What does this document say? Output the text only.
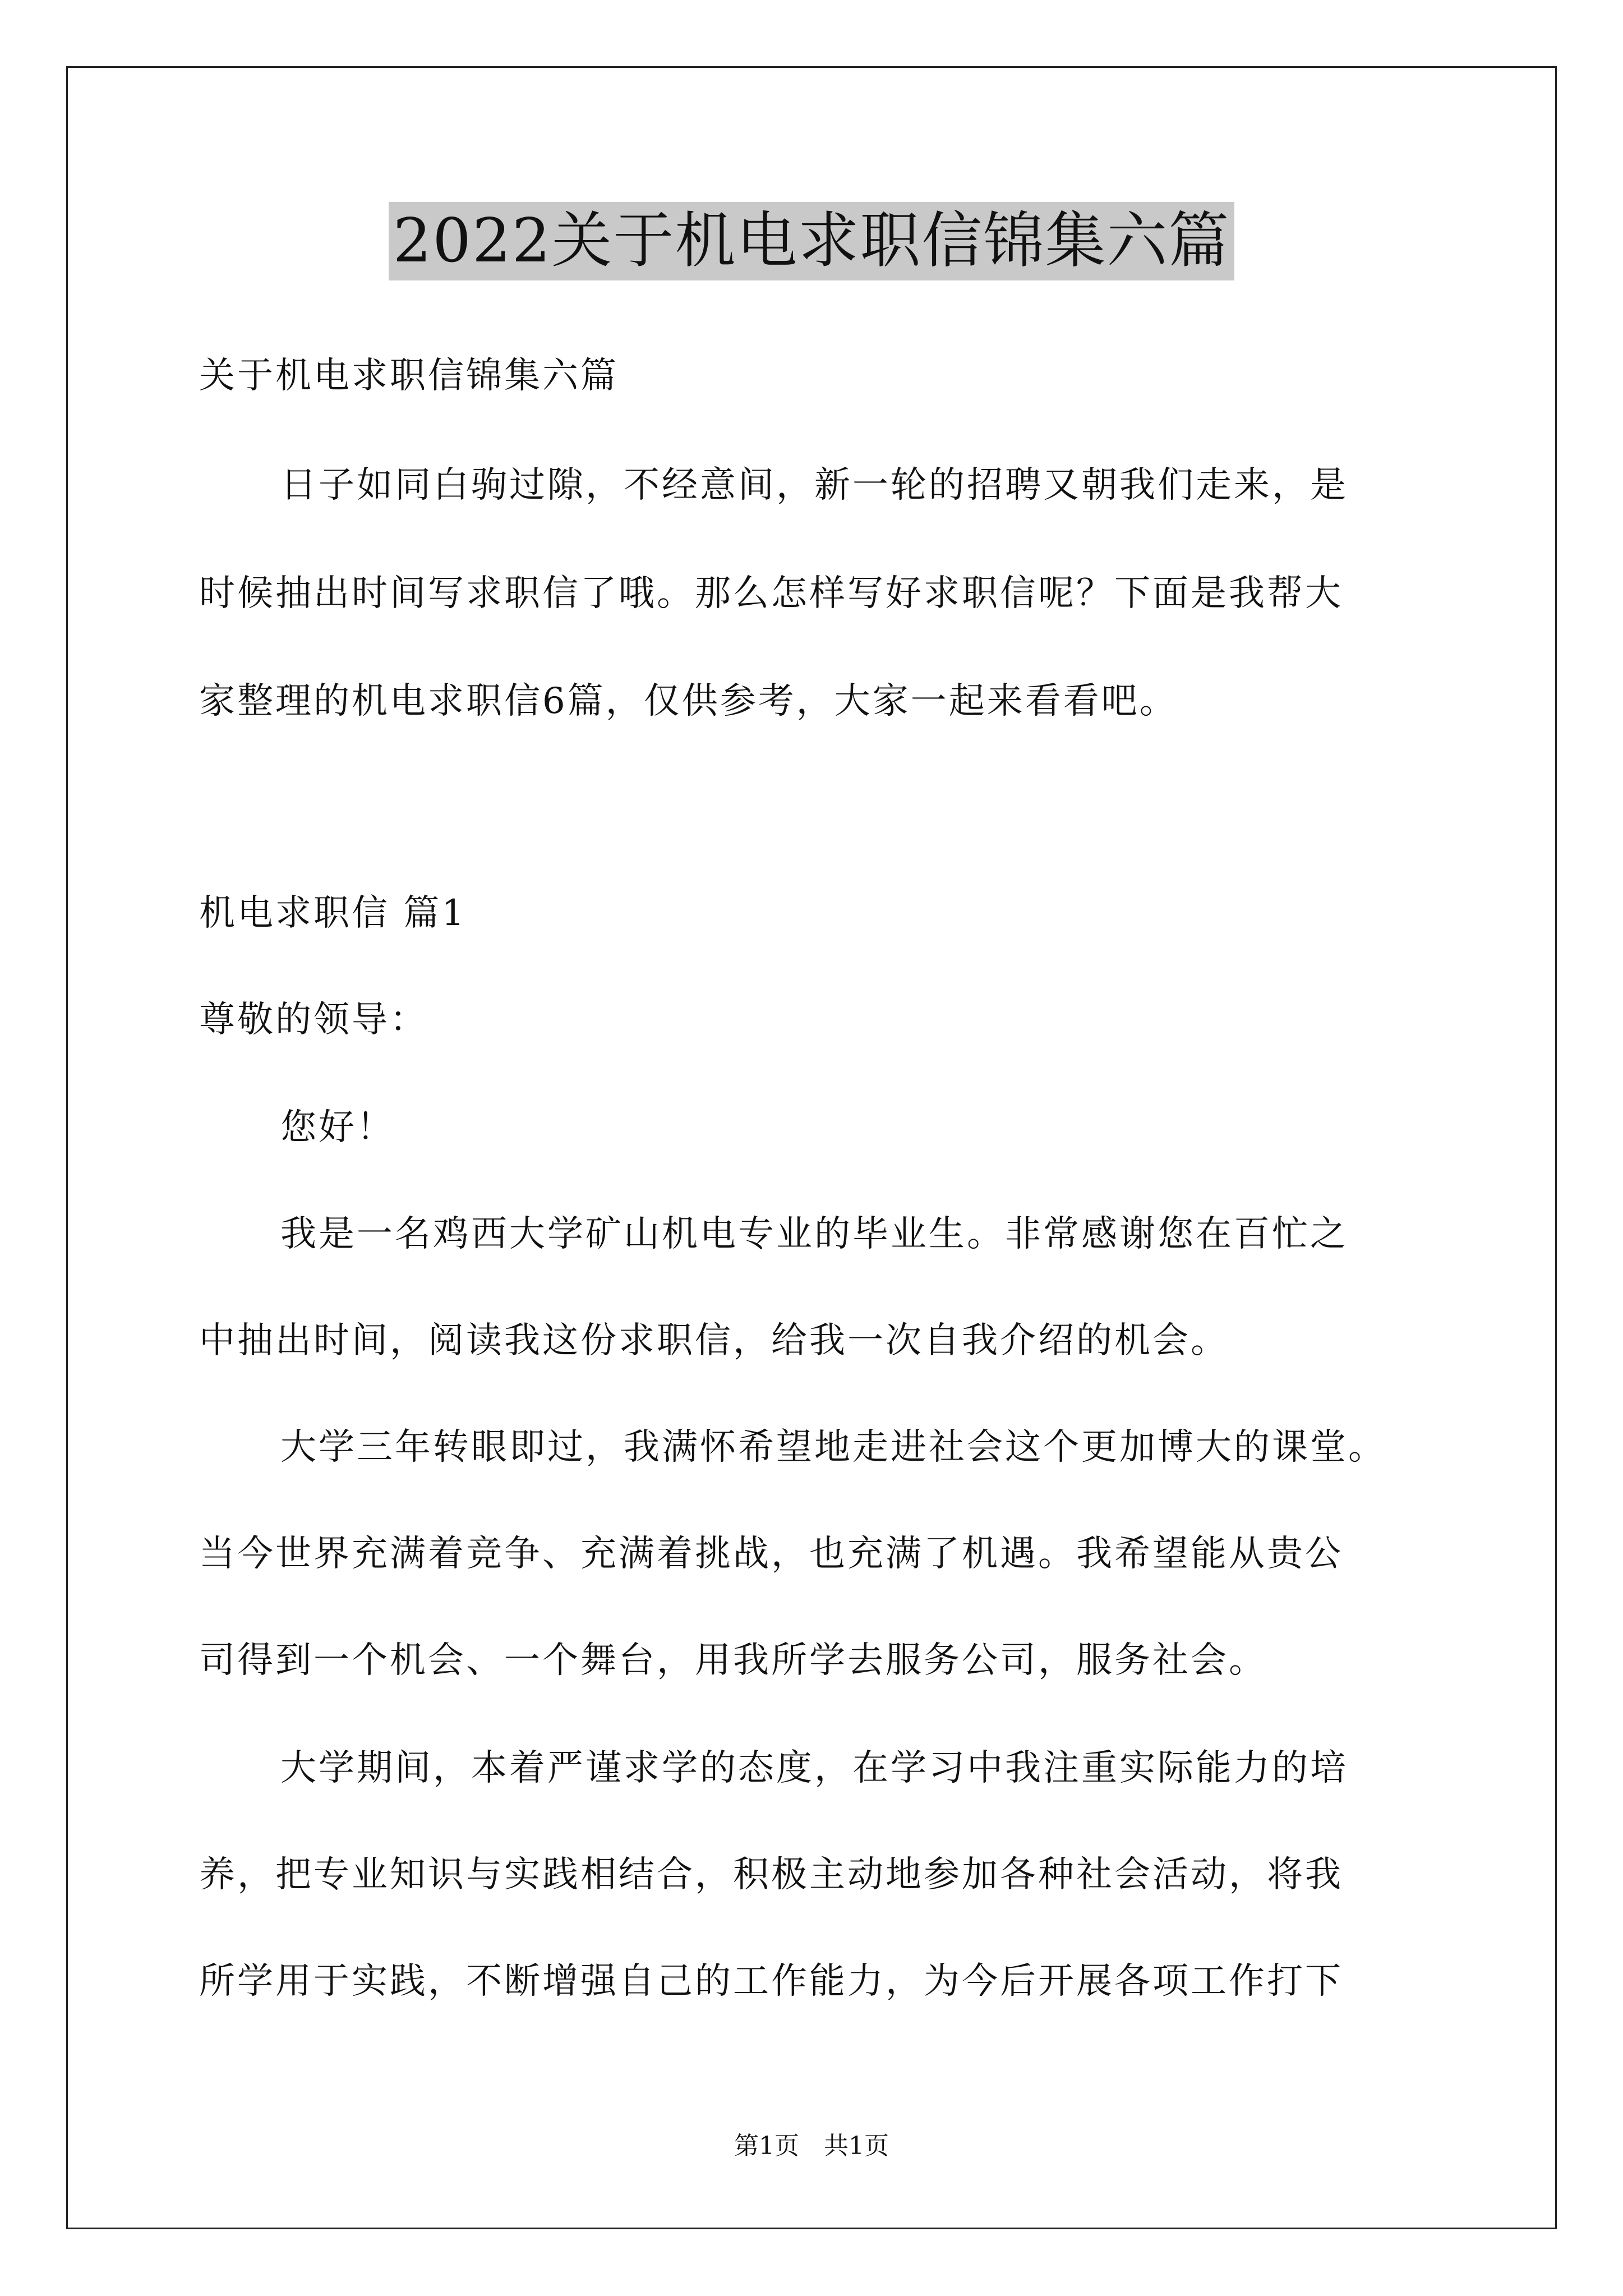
2022关于机电求职信锦集六篇
关于机电求职信锦集六篇
日子如同白驹过隙，不经意间，新一轮的招聘又朝我们走来，是
时候抽出时间写求职信了哦。那么怎样写好求职信呢？下面是我帮大
家整理的机电求职信6篇，仅供参考，大家一起来看看吧。
机电求职信 篇1
尊敬的领导：
您好！
我是一名鸡西大学矿山机电专业的毕业生。非常感谢您在百忙之
中抽出时间，阅读我这份求职信，给我一次自我介绍的机会。
大学三年转眼即过，我满怀希望地走进社会这个更加博大的课堂。
当今世界充满着竞争、充满着挑战，也充满了机遇。我希望能从贵公
司得到一个机会、一个舞台，用我所学去服务公司，服务社会。
大学期间，本着严谨求学的态度，在学习中我注重实际能力的培
养，把专业知识与实践相结合，积极主动地参加各种社会活动，将我
所学用于实践，不断增强自己的工作能力，为今后开展各项工作打下
第1页　共1页
